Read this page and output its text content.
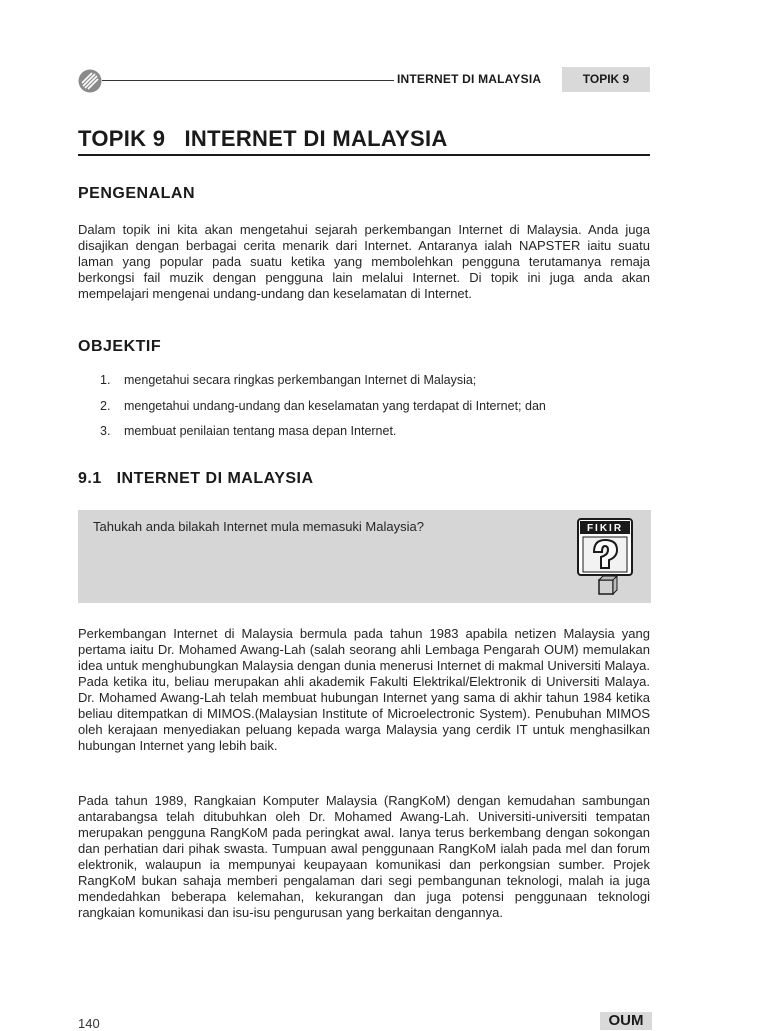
INTERNET DI MALAYSIA	TOPIK 9
TOPIK 9   INTERNET DI MALAYSIA
PENGENALAN

Dalam topik ini kita akan mengetahui sejarah perkembangan Internet di Malaysia. Anda juga disajikan dengan berbagai cerita menarik dari Internet. Antaranya ialah NAPSTER iaitu suatu laman yang popular pada suatu ketika yang membolehkan pengguna terutamanya remaja berkongsi fail muzik dengan pengguna lain melalui Internet. Di topik ini juga anda akan mempelajari mengenai undang-undang dan keselamatan di Internet.

OBJEKTIF
1. mengetahui secara ringkas perkembangan Internet di Malaysia;
2. mengetahui undang-undang dan keselamatan yang terdapat di Internet; dan
3. membuat penilaian tentang masa depan Internet.
9.1   INTERNET DI MALAYSIA
Tahukah anda bilakah Internet mula memasuki Malaysia?	FIKIR

Perkembangan Internet di Malaysia bermula pada tahun 1983 apabila netizen Malaysia yang pertama iaitu Dr. Mohamed Awang-Lah (salah seorang ahli Lembaga Pengarah OUM) memulakan idea untuk menghubungkan Malaysia dengan dunia menerusi Internet di makmal Universiti Malaya. Pada ketika itu, beliau merupakan ahli akademik Fakulti Elektrikal/Elektronik di Universiti Malaya. Dr. Mohamed Awang-Lah telah membuat hubungan Internet yang sama di akhir tahun 1984 ketika beliau ditempatkan di MIMOS.(Malaysian Institute of Microelectronic System). Penubuhan MIMOS oleh kerajaan menyediakan peluang kepada warga Malaysia yang cerdik IT untuk menghasilkan hubungan Internet yang lebih baik.

Pada tahun 1989, Rangkaian Komputer Malaysia (RangKoM) dengan kemudahan sambungan antarabangsa telah ditubuhkan oleh Dr. Mohamed Awang-Lah. Universiti-universiti tempatan merupakan pengguna RangKoM pada peringkat awal. Ianya terus berkembang dengan sokongan dan perhatian dari pihak swasta. Tumpuan awal penggunaan RangKoM ialah pada mel dan forum elektronik, walaupun ia mempunyai keupayaan komunikasi dan perkongsian sumber. Projek RangKoM bukan sahaja memberi pengalaman dari segi pembangunan teknologi, malah ia juga mendedahkan beberapa kelemahan, kekurangan dan juga potensi penggunaan teknologi rangkaian komunikasi dan isu-isu pengurusan yang berkaitan dengannya.

140	OUM
